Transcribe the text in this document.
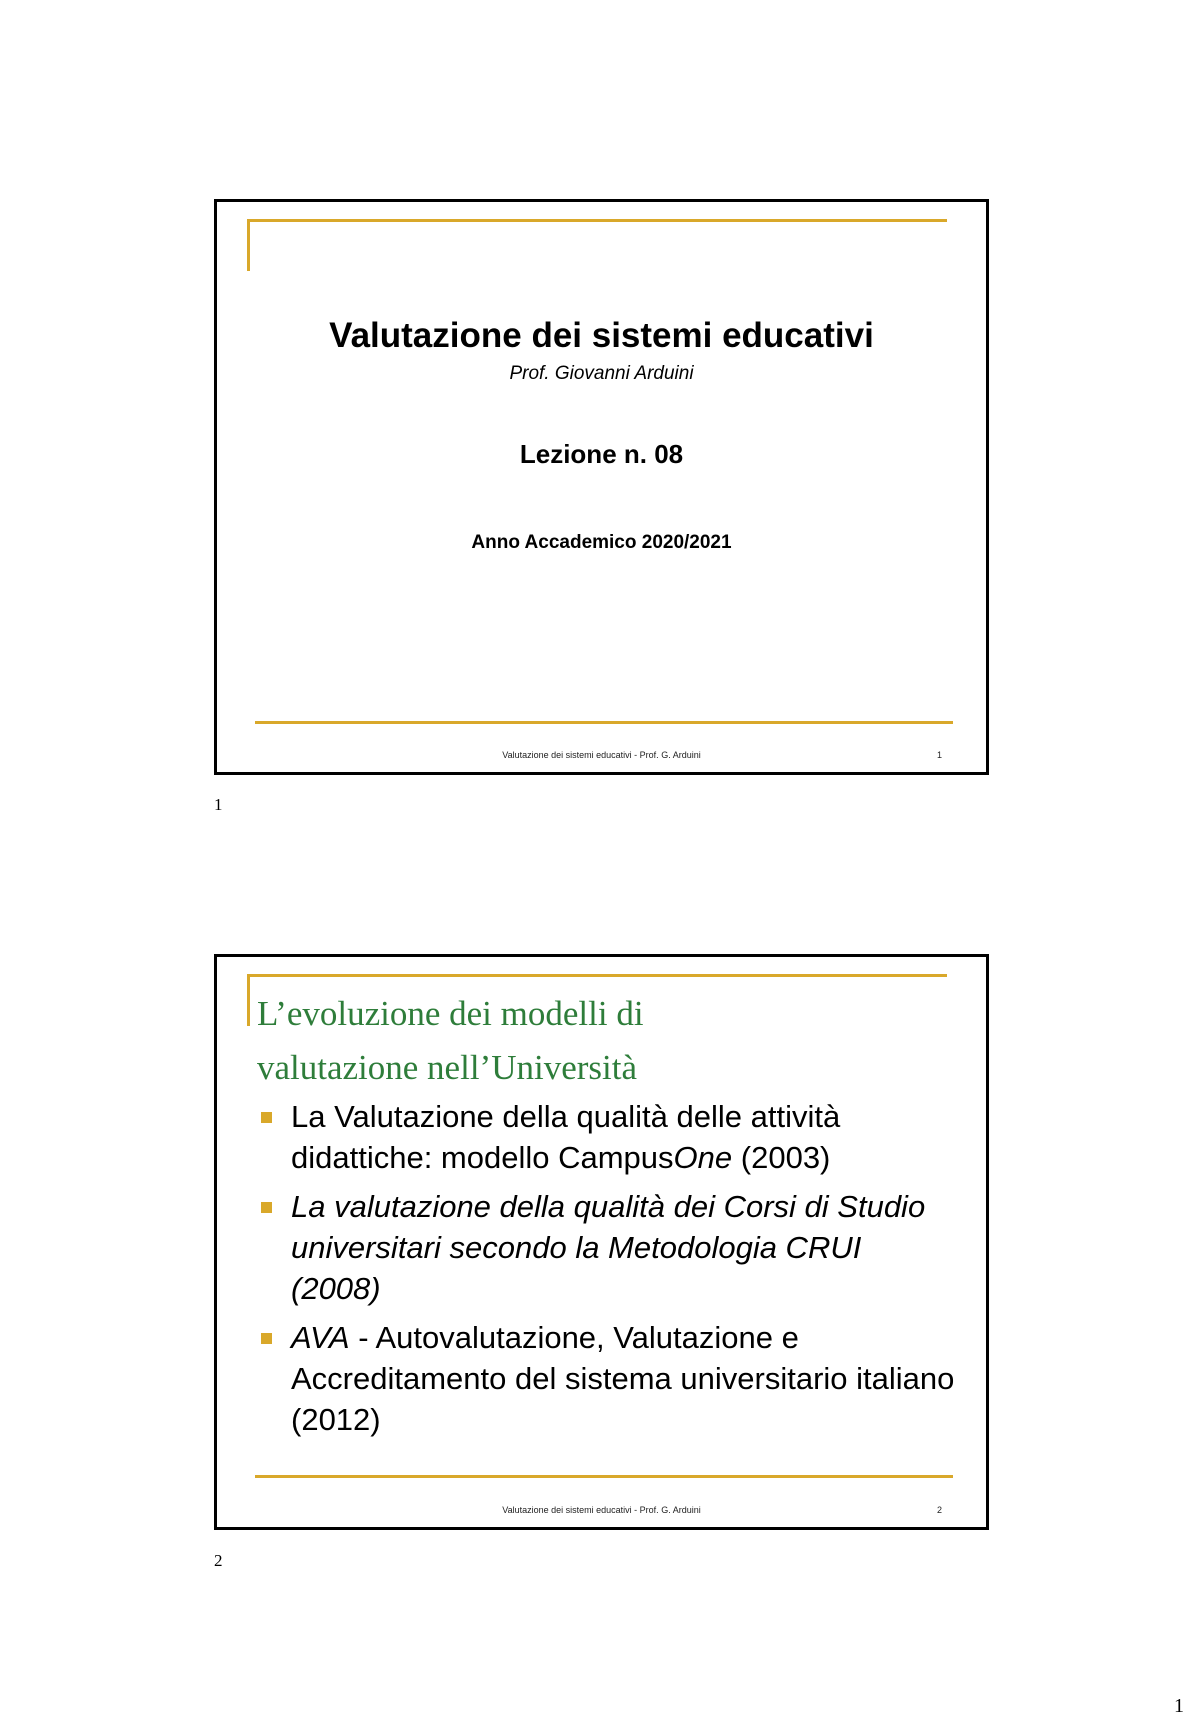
Valutazione dei sistemi educativi
Prof. Giovanni Arduini
Lezione n. 08
Anno Accademico 2020/2021
Valutazione dei sistemi educativi - Prof. G. Arduini	1
1
L’evoluzione dei modelli di
valutazione nell’Università
La Valutazione della qualità delle attività didattiche: modello CampusOne (2003)
La valutazione della qualità dei Corsi di Studio universitari secondo la Metodologia CRUI (2008)
AVA - Autovalutazione, Valutazione e Accreditamento del sistema universitario italiano (2012)
Valutazione dei sistemi educativi - Prof. G. Arduini	2
2
1
